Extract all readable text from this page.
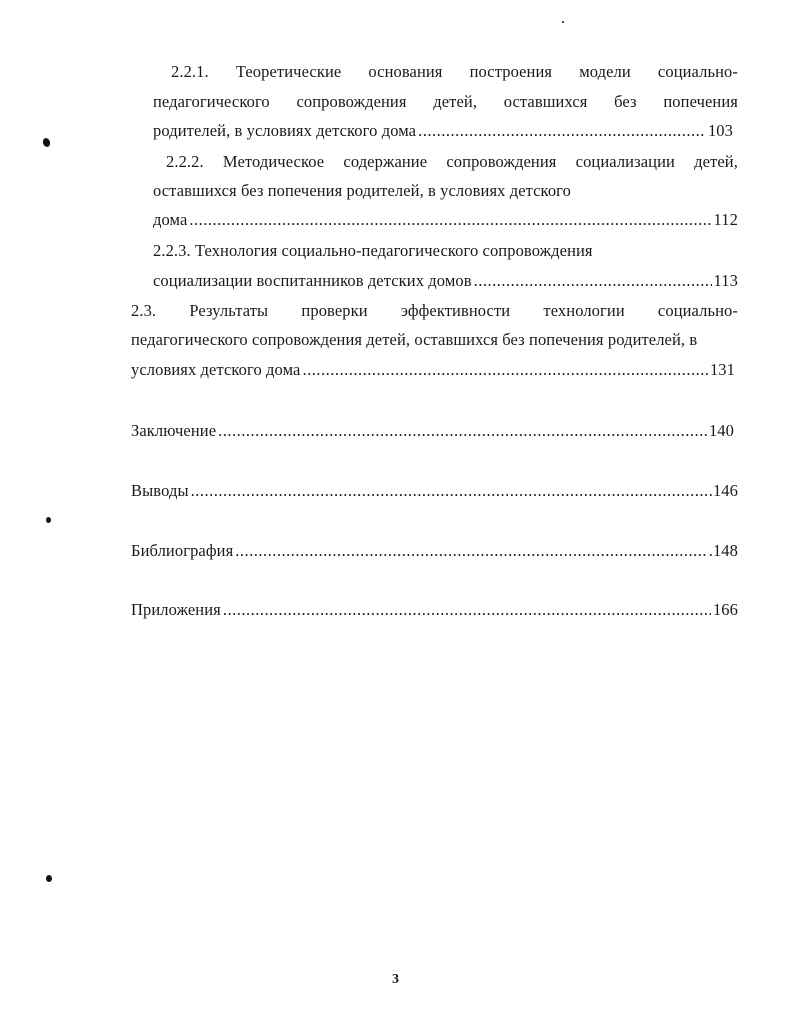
2.2.1. Теоретические основания построения модели социально-
педагогического сопровождения детей, оставшихся без попечения
родителей, в условиях детского дома .....	103
2.2.2. Методическое содержание сопровождения социализации детей,
оставшихся без попечения родителей, в условиях детского
дома .....	112
2.2.3. Технология социально-педагогического сопровождения
социализации воспитанников детских домов .....	113
2.3. Результаты проверки эффективности технологии социально-
педагогического сопровождения детей, оставшихся без попечения родителей, в
условиях детского дома .....	131
Заключение .....	140
Выводы .....	.146
Библиография .....	.148
Приложения .....	166
3
